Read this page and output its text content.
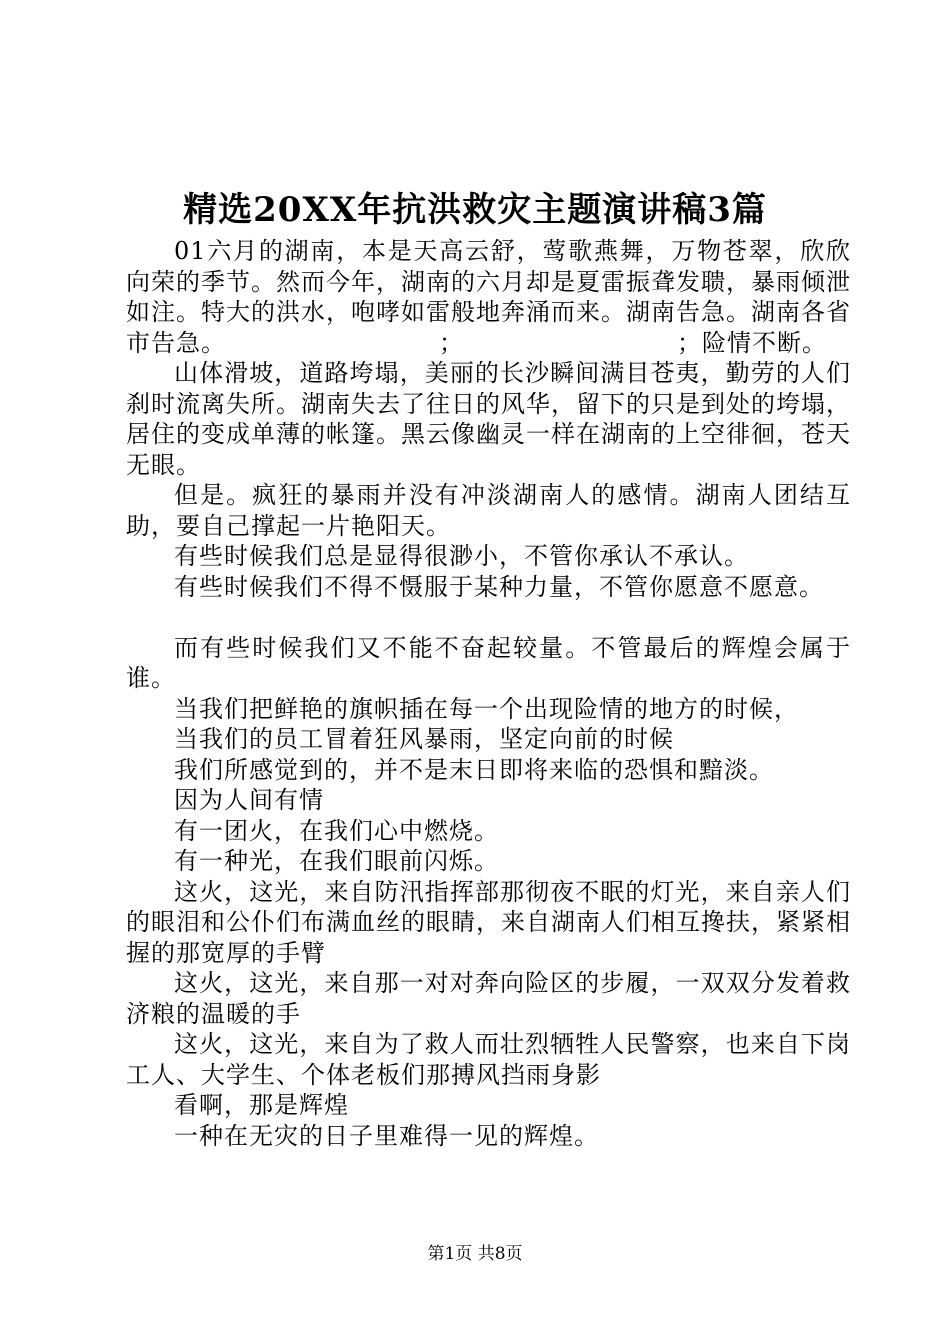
精选20XX年抗洪救灾主题演讲稿3篇

01六月的湖南，本是天高云舒，莺歌燕舞，万物苍翠，欣欣向荣的季节。然而今年，湖南的六月却是夏雷振聋发聩，暴雨倾泄如注。特大的洪水，咆哮如雷般地奔涌而来。湖南告急。湖南各省市告急。　　　　　　　　　；　　　　　　　　　；险情不断。

山体滑坡，道路垮塌，美丽的长沙瞬间满目苍夷，勤劳的人们刹时流离失所。湖南失去了往日的风华，留下的只是到处的垮塌，居住的变成单薄的帐篷。黑云像幽灵一样在湖南的上空徘徊，苍天无眼。

但是。疯狂的暴雨并没有冲淡湖南人的感情。湖南人团结互助，要自己撑起一片艳阳天。

有些时候我们总是显得很渺小，不管你承认不承认。

有些时候我们不得不慑服于某种力量，不管你愿意不愿意。

而有些时候我们又不能不奋起较量。不管最后的辉煌会属于谁。

当我们把鲜艳的旗帜插在每一个出现险情的地方的时候，

当我们的员工冒着狂风暴雨，坚定向前的时候

我们所感觉到的，并不是末日即将来临的恐惧和黯淡。

因为人间有情

有一团火，在我们心中燃烧。

有一种光，在我们眼前闪烁。

这火，这光，来自防汛指挥部那彻夜不眠的灯光，来自亲人们的眼泪和公仆们布满血丝的眼睛，来自湖南人们相互搀扶，紧紧相握的那宽厚的手臂

这火，这光，来自那一对对奔向险区的步履，一双双分发着救济粮的温暖的手

这火，这光，来自为了救人而壮烈牺牲人民警察，也来自下岗工人、大学生、个体老板们那搏风挡雨身影

看啊，那是辉煌

一种在无灾的日子里难得一见的辉煌。

第1页 共8页
